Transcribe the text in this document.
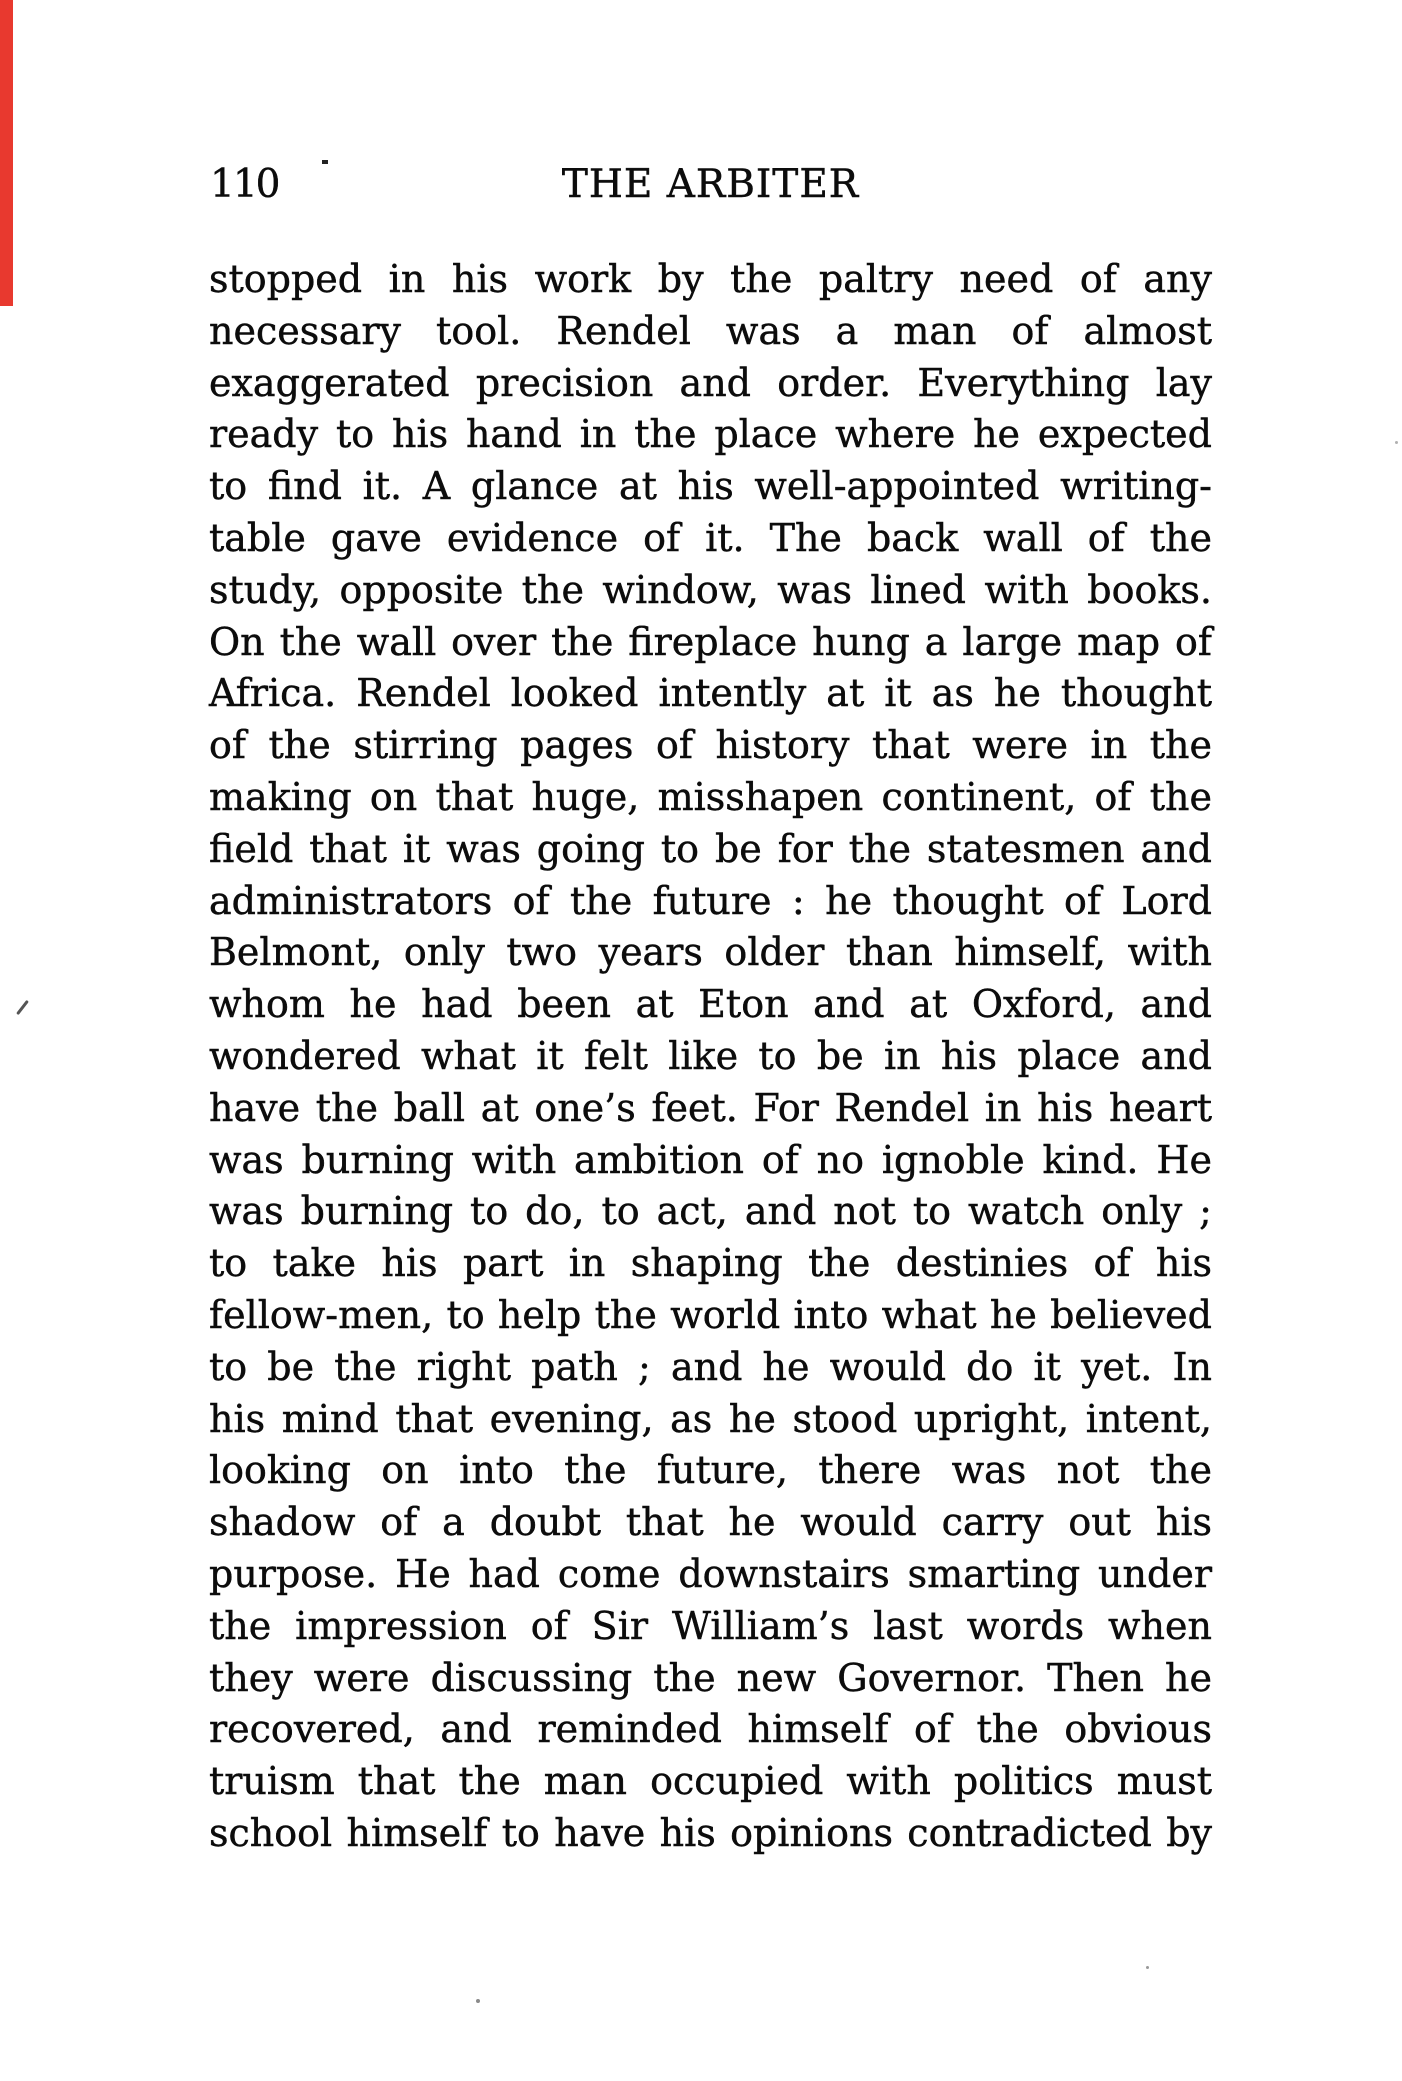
110	THE ARBITER
stopped in his work by the paltry need of any
necessary tool. Rendel was a man of almost
exaggerated precision and order. Everything lay
ready to his hand in the place where he expected
to find it. A glance at his well-appointed writing-
table gave evidence of it. The back wall of the
study, opposite the window, was lined with books.
On the wall over the fireplace hung a large map of
Africa. Rendel looked intently at it as he thought
of the stirring pages of history that were in the
making on that huge, misshapen continent, of the
field that it was going to be for the statesmen and
administrators of the future : he thought of Lord
Belmont, only two years older than himself, with
whom he had been at Eton and at Oxford, and
wondered what it felt like to be in his place and
have the ball at one’s feet. For Rendel in his heart
was burning with ambition of no ignoble kind. He
was burning to do, to act, and not to watch only ;
to take his part in shaping the destinies of his
fellow-men, to help the world into what he believed
to be the right path ; and he would do it yet. In
his mind that evening, as he stood upright, intent,
looking on into the future, there was not the
shadow of a doubt that he would carry out his
purpose. He had come downstairs smarting under
the impression of Sir William’s last words when
they were discussing the new Governor. Then he
recovered, and reminded himself of the obvious
truism that the man occupied with politics must
school himself to have his opinions contradicted by
